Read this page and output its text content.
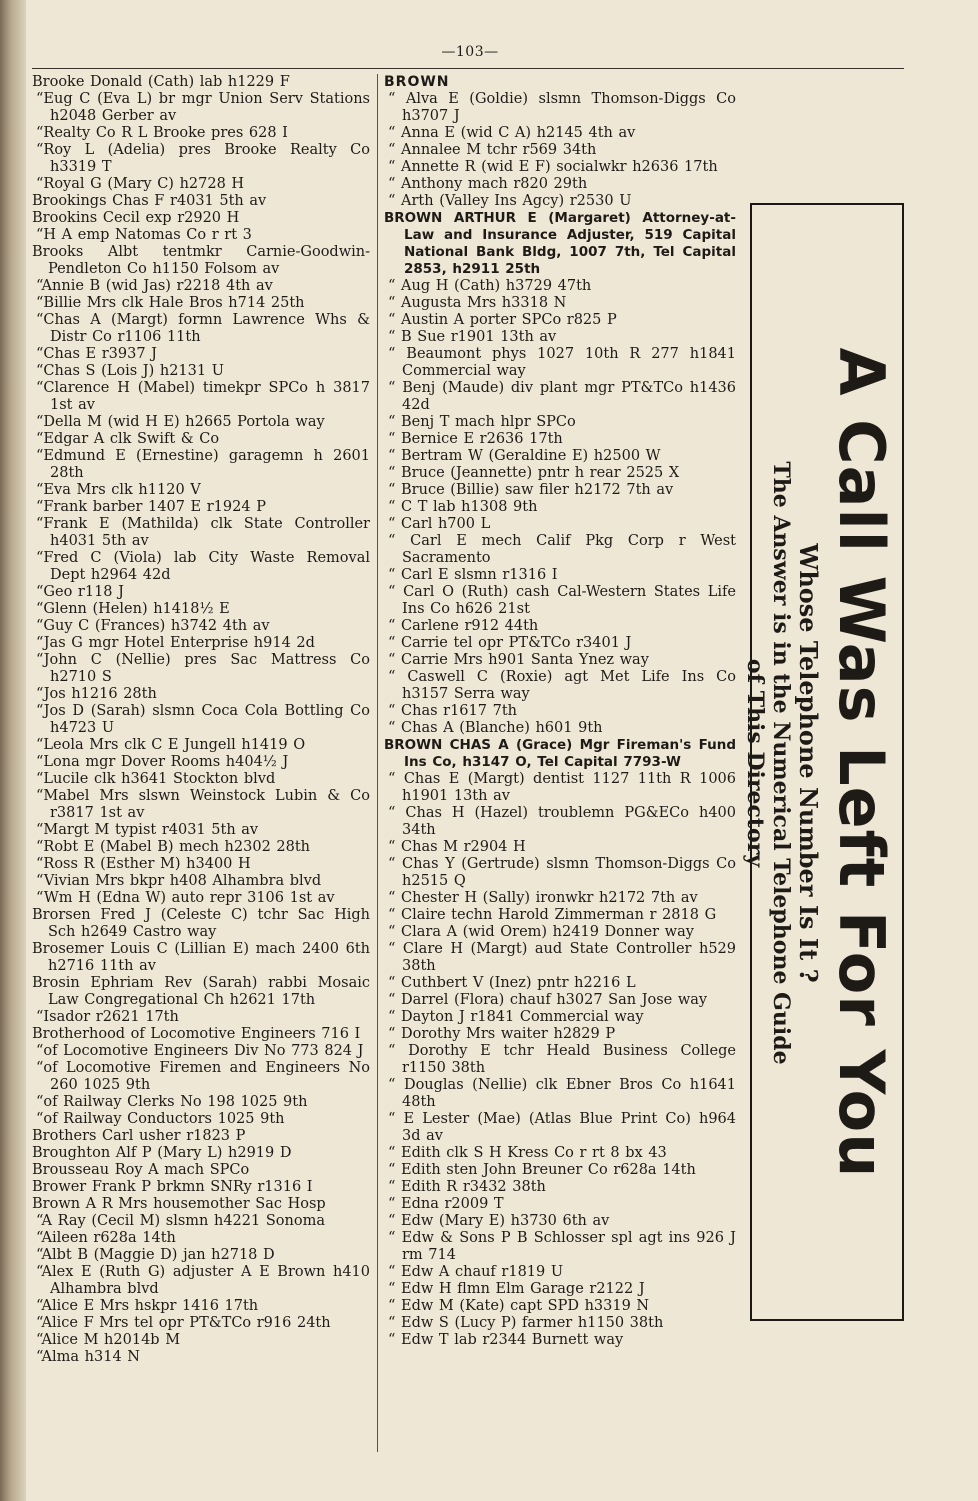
—103—
Brooke Donald (Cath) lab h1229 F
“Eug C (Eva L) br mgr Union Serv Stations h2048 Gerber av
“Realty Co R L Brooke pres 628 I
“Roy L (Adelia) pres Brooke Realty Co h3319 T
“Royal G (Mary C) h2728 H
Brookings Chas F r4031 5th av
Brookins Cecil exp r2920 H
“H A emp Natomas Co r rt 3
Brooks Albt tentmkr Carnie-Goodwin-Pendleton Co h1150 Folsom av
“Annie B (wid Jas) r2218 4th av
“Billie Mrs clk Hale Bros h714 25th
“Chas A (Margt) formn Lawrence Whs & Distr Co r1106 11th
“Chas E r3937 J
“Chas S (Lois J) h2131 U
“Clarence H (Mabel) timekpr SPCo h 3817 1st av
“Della M (wid H E) h2665 Portola way
“Edgar A clk Swift & Co
“Edmund E (Ernestine) garagemn h 2601 28th
“Eva Mrs clk h1120 V
“Frank barber 1407 E r1924 P
“Frank E (Mathilda) clk State Controller h4031 5th av
“Fred C (Viola) lab City Waste Removal Dept h2964 42d
“Geo r118 J
“Glenn (Helen) h1418½ E
“Guy C (Frances) h3742 4th av
“Jas G mgr Hotel Enterprise h914 2d
“John C (Nellie) pres Sac Mattress Co h2710 S
“Jos h1216 28th
“Jos D (Sarah) slsmn Coca Cola Bottling Co h4723 U
“Leola Mrs clk C E Jungell h1419 O
“Lona mgr Dover Rooms h404½ J
“Lucile clk h3641 Stockton blvd
“Mabel Mrs slswn Weinstock Lubin & Co r3817 1st av
“Margt M typist r4031 5th av
“Robt E (Mabel B) mech h2302 28th
“Ross R (Esther M) h3400 H
“Vivian Mrs bkpr h408 Alhambra blvd
“Wm H (Edna W) auto repr 3106 1st av
Brorsen Fred J (Celeste C) tchr Sac High Sch h2649 Castro way
Brosemer Louis C (Lillian E) mach 2400 6th h2716 11th av
Brosin Ephriam Rev (Sarah) rabbi Mosaic Law Congregational Ch h2621 17th
“Isador r2621 17th
Brotherhood of Locomotive Engineers 716 I
“of Locomotive Engineers Div No 773 824 J
“of Locomotive Firemen and Engineers No 260 1025 9th
“of Railway Clerks No 198 1025 9th
“of Railway Conductors 1025 9th
Brothers Carl usher r1823 P
Broughton Alf P (Mary L) h2919 D
Brousseau Roy A mach SPCo
Brower Frank P brkmn SNRy r1316 I
Brown A R Mrs housemother Sac Hosp
“A Ray (Cecil M) slsmn h4221 Sonoma
“Aileen r628a 14th
“Albt B (Maggie D) jan h2718 D
“Alex E (Ruth G) adjuster A E Brown h410 Alhambra blvd
“Alice E Mrs hskpr 1416 17th
“Alice F Mrs tel opr PT&TCo r916 24th
“Alice M h2014b M
“Alma h314 N
BROWN
“ Alva E (Goldie) slsmn Thomson-Diggs Co h3707 J
“ Anna E (wid C A) h2145 4th av
“ Annalee M tchr r569 34th
“ Annette R (wid E F) socialwkr h2636 17th
“ Anthony mach r820 29th
“ Arth (Valley Ins Agcy) r2530 U
BROWN ARTHUR E (Margaret) Attorney-at-Law and Insurance Adjuster, 519 Capital National Bank Bldg, 1007 7th, Tel Capital 2853, h2911 25th
“ Aug H (Cath) h3729 47th
“ Augusta Mrs h3318 N
“ Austin A porter SPCo r825 P
“ B Sue r1901 13th av
“ Beaumont phys 1027 10th R 277 h1841 Commercial way
“ Benj (Maude) div plant mgr PT&TCo h1436 42d
“ Benj T mach hlpr SPCo
“ Bernice E r2636 17th
“ Bertram W (Geraldine E) h2500 W
“ Bruce (Jeannette) pntr h rear 2525 X
“ Bruce (Billie) saw filer h2172 7th av
“ C T lab h1308 9th
“ Carl h700 L
“ Carl E mech Calif Pkg Corp r West Sacramento
“ Carl E slsmn r1316 I
“ Carl O (Ruth) cash Cal-Western States Life Ins Co h626 21st
“ Carlene r912 44th
“ Carrie tel opr PT&TCo r3401 J
“ Carrie Mrs h901 Santa Ynez way
“ Caswell C (Roxie) agt Met Life Ins Co h3157 Serra way
“ Chas r1617 7th
“ Chas A (Blanche) h601 9th
BROWN CHAS A (Grace) Mgr Fireman's Fund Ins Co, h3147 O, Tel Capital 7793-W
“ Chas E (Margt) dentist 1127 11th R 1006 h1901 13th av
“ Chas H (Hazel) troublemn PG&ECo h400 34th
“ Chas M r2904 H
“ Chas Y (Gertrude) slsmn Thomson-Diggs Co h2515 Q
“ Chester H (Sally) ironwkr h2172 7th av
“ Claire techn Harold Zimmerman r 2818 G
“ Clara A (wid Orem) h2419 Donner way
“ Clare H (Margt) aud State Controller h529 38th
“ Cuthbert V (Inez) pntr h2216 L
“ Darrel (Flora) chauf h3027 San Jose way
“ Dayton J r1841 Commercial way
“ Dorothy Mrs waiter h2829 P
“ Dorothy E tchr Heald Business College r1150 38th
“ Douglas (Nellie) clk Ebner Bros Co h1641 48th
“ E Lester (Mae) (Atlas Blue Print Co) h964 3d av
“ Edith clk S H Kress Co r rt 8 bx 43
“ Edith sten John Breuner Co r628a 14th
“ Edith R r3432 38th
“ Edna r2009 T
“ Edw (Mary E) h3730 6th av
“ Edw & Sons P B Schlosser spl agt ins 926 J rm 714
“ Edw A chauf r1819 U
“ Edw H flmn Elm Garage r2122 J
“ Edw M (Kate) capt SPD h3319 N
“ Edw S (Lucy P) farmer h1150 38th
“ Edw T lab r2344 Burnett way
A Call Was Left For You
Whose Telephone Number Is It ?
The Answer is in the Numerical Telephone Guide
of This Directory
